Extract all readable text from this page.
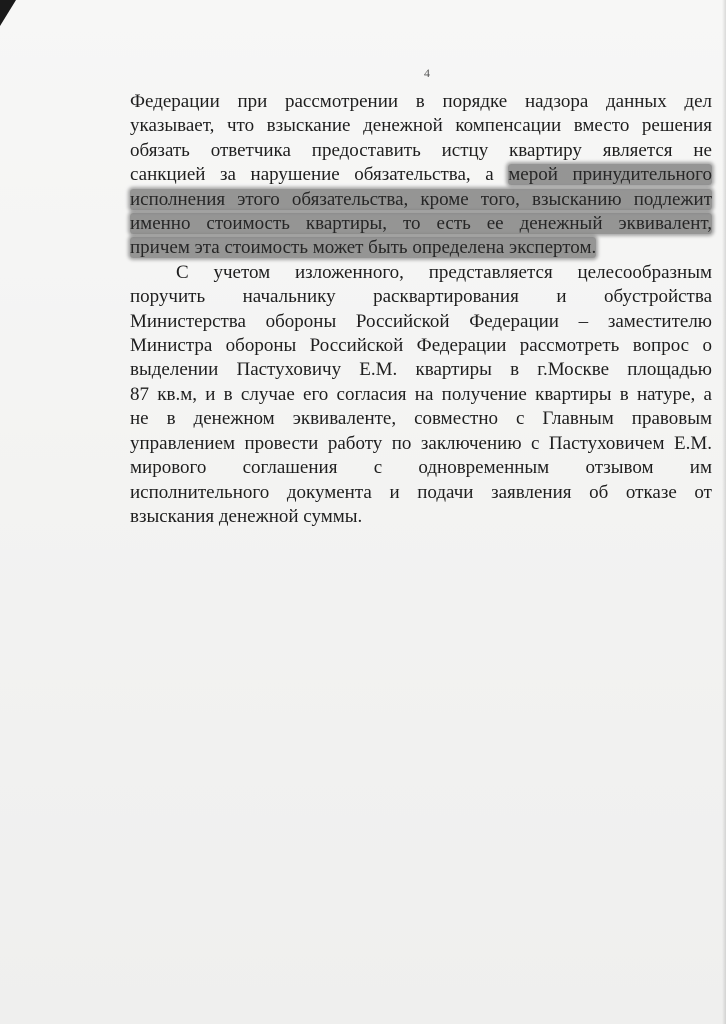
4
Федерации при рассмотрении в порядке надзора данных дел
указывает, что взыскание денежной компенсации вместо решения
обязать ответчика предоставить истцу квартиру является не
санкцией за нарушение обязательства, а мерой принудительного
исполнения этого обязательства, кроме того, взысканию подлежит
именно стоимость квартиры, то есть ее денежный эквивалент,
причем эта стоимость может быть определена экспертом.
С учетом изложенного, представляется целесообразным
поручить начальнику расквартирования и обустройства
Министерства обороны Российской Федерации – заместителю
Министра обороны Российской Федерации рассмотреть вопрос о
выделении Пастуховичу Е.М. квартиры в г.Москве площадью
87 кв.м, и в случае его согласия на получение квартиры в натуре, а
не в денежном эквиваленте, совместно с Главным правовым
управлением провести работу по заключению с Пастуховичем Е.М.
мирового соглашения с одновременным отзывом им
исполнительного документа и подачи заявления об отказе от
взыскания денежной суммы.
